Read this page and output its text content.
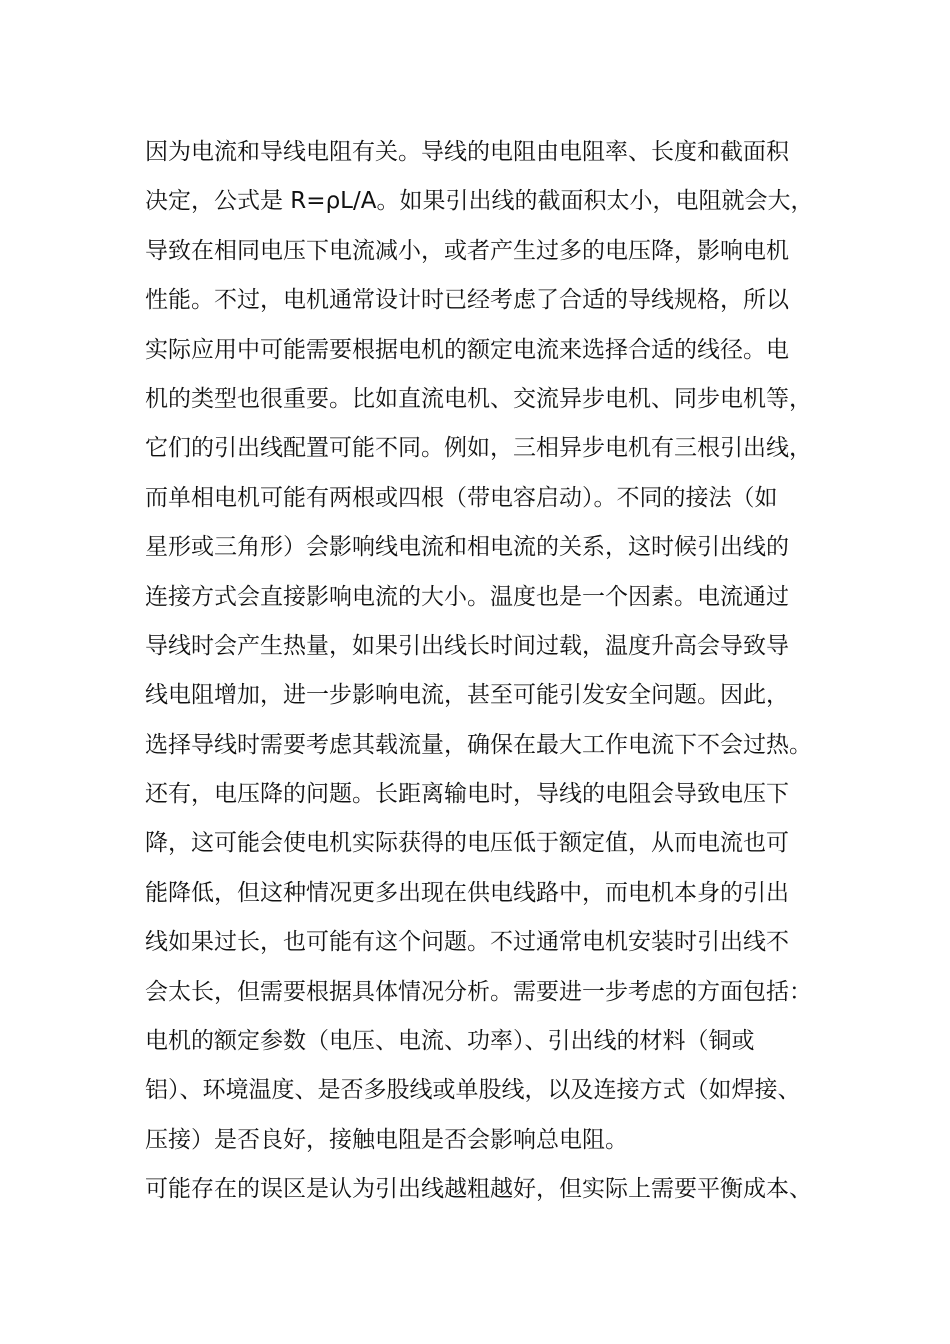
因为电流和导线电阻有关。导线的电阻由电阻率、长度和截面积
决定，公式是 R=ρL/A。如果引出线的截面积太小，电阻就会大，
导致在相同电压下电流减小，或者产生过多的电压降，影响电机
性能。不过，电机通常设计时已经考虑了合适的导线规格，所以
实际应用中可能需要根据电机的额定电流来选择合适的线径。电
机的类型也很重要。比如直流电机、交流异步电机、同步电机等，
它们的引出线配置可能不同。例如，三相异步电机有三根引出线，
而单相电机可能有两根或四根（带电容启动）。不同的接法（如
星形或三角形）会影响线电流和相电流的关系，这时候引出线的
连接方式会直接影响电流的大小。温度也是一个因素。电流通过
导线时会产生热量，如果引出线长时间过载，温度升高会导致导
线电阻增加，进一步影响电流，甚至可能引发安全问题。因此，
选择导线时需要考虑其载流量，确保在最大工作电流下不会过热。
还有，电压降的问题。长距离输电时，导线的电阻会导致电压下
降，这可能会使电机实际获得的电压低于额定值，从而电流也可
能降低，但这种情况更多出现在供电线路中，而电机本身的引出
线如果过长，也可能有这个问题。不过通常电机安装时引出线不
会太长，但需要根据具体情况分析。需要进一步考虑的方面包括：
电机的额定参数（电压、电流、功率）、引出线的材料（铜或
铝）、环境温度、是否多股线或单股线，以及连接方式（如焊接、
压接）是否良好，接触电阻是否会影响总电阻。
可能存在的误区是认为引出线越粗越好，但实际上需要平衡成本、
